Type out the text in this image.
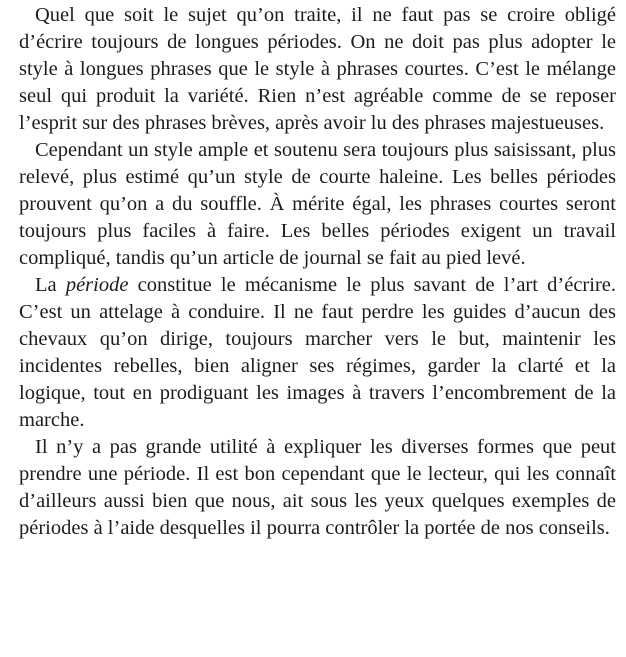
Quel que soit le sujet qu’on traite, il ne faut pas se croire obligé d’écrire toujours de longues périodes. On ne doit pas plus adopter le style à longues phrases que le style à phrases courtes. C’est le mélange seul qui produit la variété. Rien n’est agréable comme de se reposer l’esprit sur des phrases brèves, après avoir lu des phrases majestueuses.

Cependant un style ample et soutenu sera toujours plus saisissant, plus relevé, plus estimé qu’un style de courte haleine. Les belles périodes prouvent qu’on a du souffle. À mérite égal, les phrases courtes seront toujours plus faciles à faire. Les belles périodes exigent un travail compliqué, tandis qu’un article de journal se fait au pied levé.

La période constitue le mécanisme le plus savant de l’art d’écrire. C’est un attelage à conduire. Il ne faut perdre les guides d’aucun des chevaux qu’on dirige, toujours marcher vers le but, maintenir les incidentes rebelles, bien aligner ses régimes, garder la clarté et la logique, tout en prodiguant les images à travers l’encombrement de la marche.

Il n’y a pas grande utilité à expliquer les diverses formes que peut prendre une période. Il est bon cependant que le lecteur, qui les connaît d’ailleurs aussi bien que nous, ait sous les yeux quelques exemples de périodes à l’aide desquelles il pourra contrôler la portée de nos conseils.
